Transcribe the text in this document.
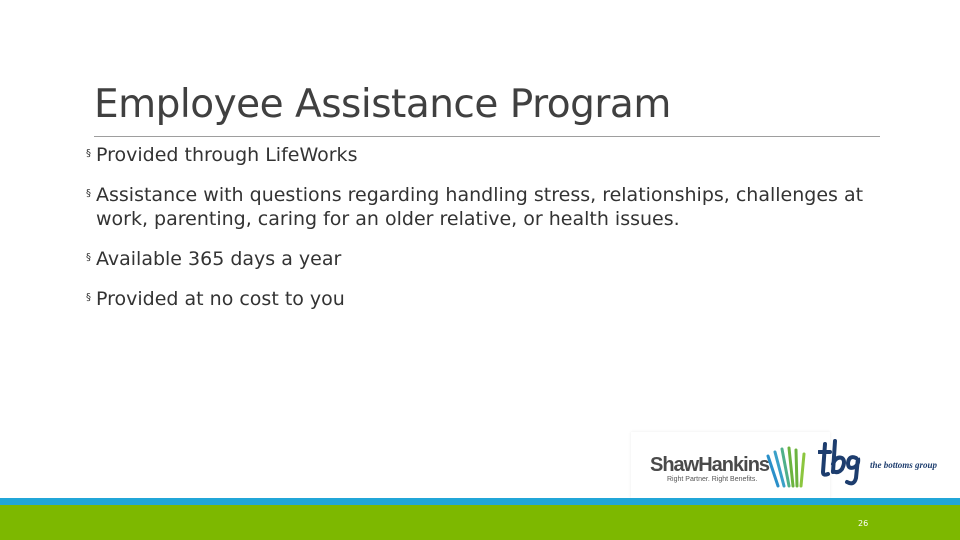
Employee Assistance Program

§ Provided through LifeWorks

§ Assistance with questions regarding handling stress, relationships, challenges at work, parenting, caring for an older relative, or health issues.

§ Available 365 days a year

§ Provided at no cost to you

ShawHankins
Right Partner. Right Benefits.
the bottoms group
26
